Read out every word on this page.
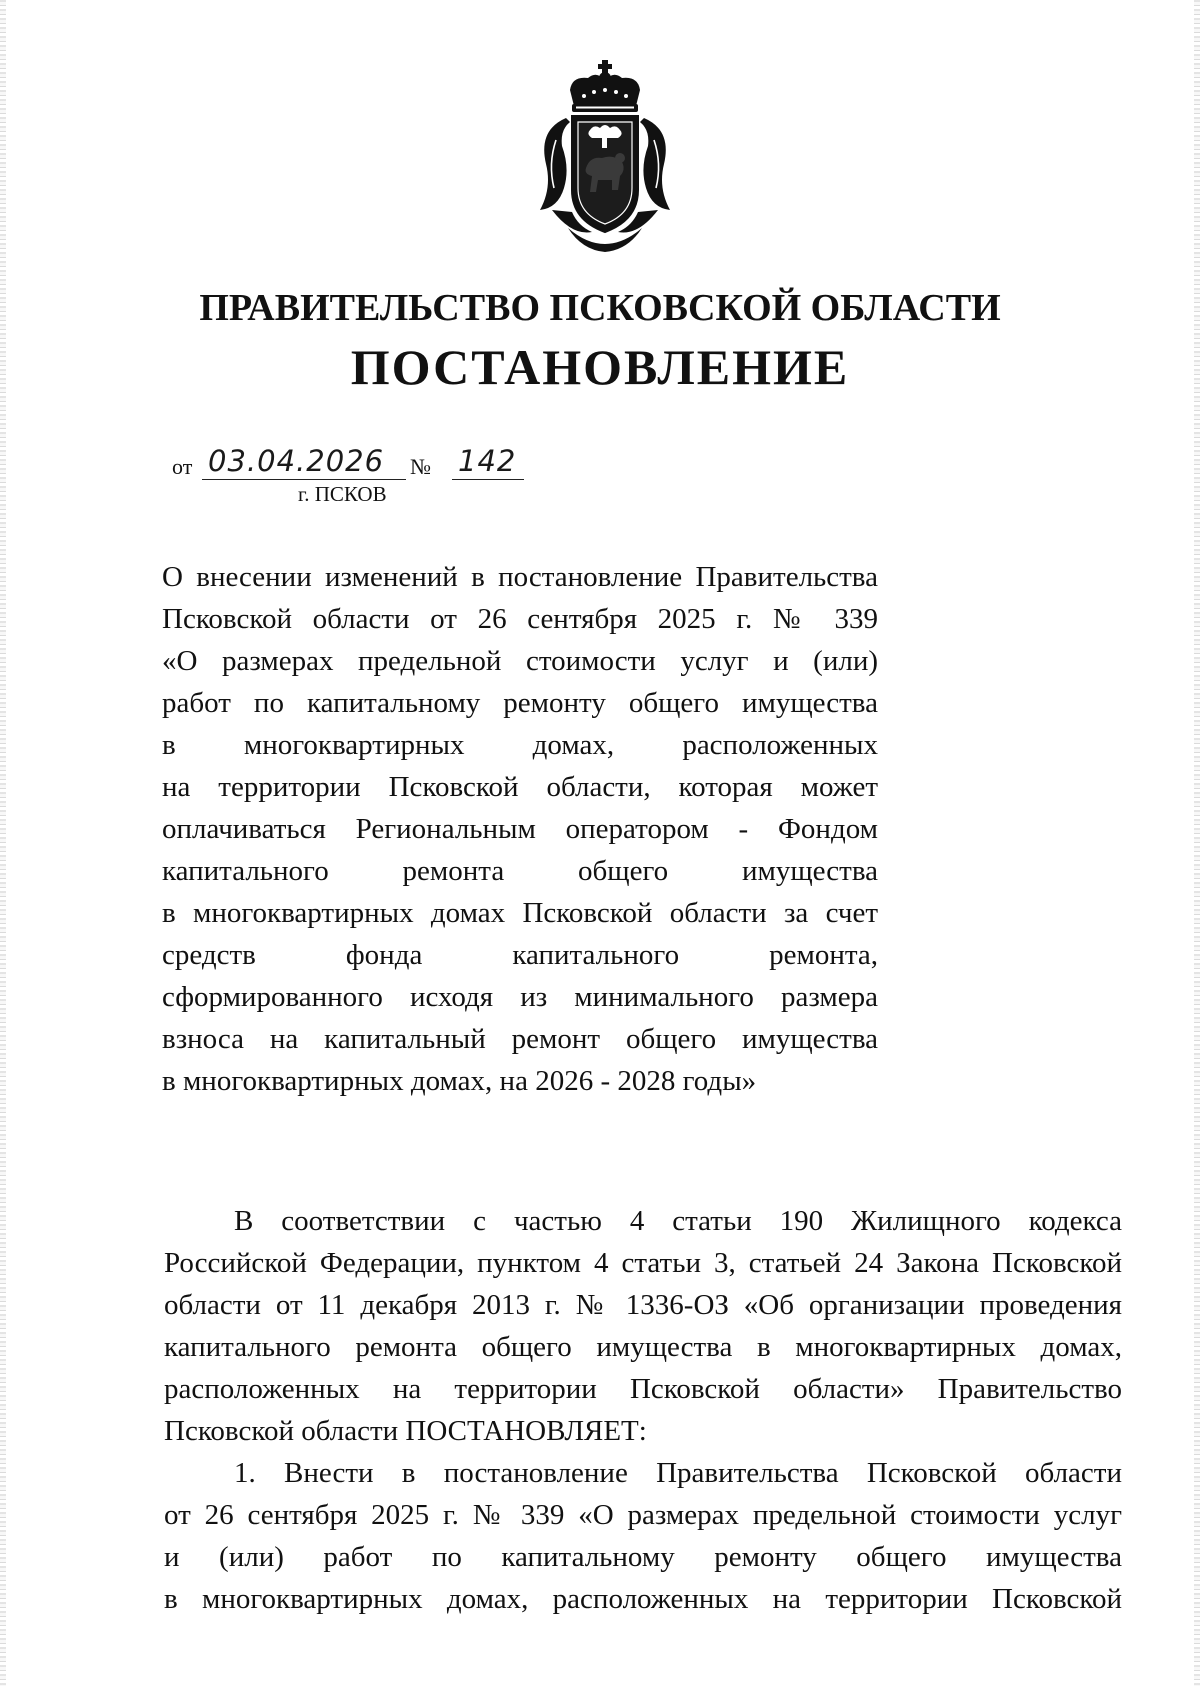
ПРАВИТЕЛЬСТВО ПСКОВСКОЙ ОБЛАСТИ
ПОСТАНОВЛЕНИЕ
от 03.04.2026 № 142
г. ПСКОВ
О внесении изменений в постановление Правительства
Псковской области от 26 сентября 2025 г. № 339
«О размерах предельной стоимости услуг и (или)
работ по капитальному ремонту общего имущества
в многоквартирных домах, расположенных
на территории Псковской области, которая может
оплачиваться Региональным оператором - Фондом
капитального ремонта общего имущества
в многоквартирных домах Псковской области за счет
средств фонда капитального ремонта,
сформированного исходя из минимального размера
взноса на капитальный ремонт общего имущества
в многоквартирных домах, на 2026 - 2028 годы»
В соответствии с частью 4 статьи 190 Жилищного кодекса
Российской Федерации, пунктом 4 статьи 3, статьей 24 Закона Псковской
области от 11 декабря 2013 г. № 1336-ОЗ «Об организации проведения
капитального ремонта общего имущества в многоквартирных домах,
расположенных на территории Псковской области» Правительство
Псковской области ПОСТАНОВЛЯЕТ:
1. Внести в постановление Правительства Псковской области
от 26 сентября 2025 г. № 339 «О размерах предельной стоимости услуг
и (или) работ по капитальному ремонту общего имущества
в многоквартирных домах, расположенных на территории Псковской
